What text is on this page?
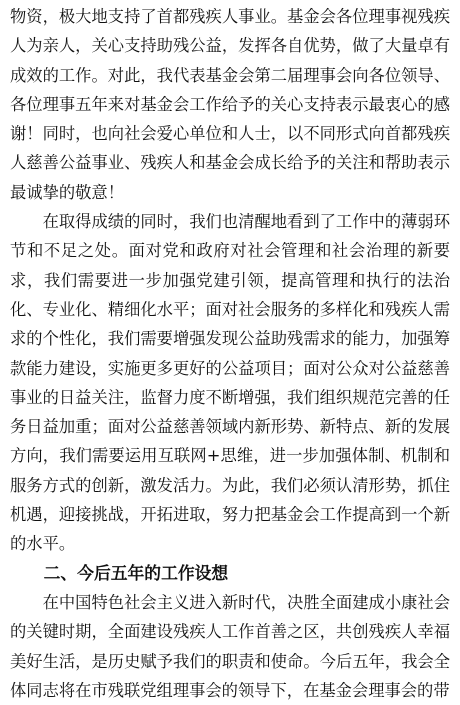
物资，极大地支持了首都残疾人事业。基金会各位理事视残疾人为亲人，关心支持助残公益，发挥各自优势，做了大量卓有成效的工作。对此，我代表基金会第二届理事会向各位领导、各位理事五年来对基金会工作给予的关心支持表示最衷心的感谢！同时，也向社会爱心单位和人士，以不同形式向首都残疾人慈善公益事业、残疾人和基金会成长给予的关注和帮助表示最诚挚的敬意！

在取得成绩的同时，我们也清醒地看到了工作中的薄弱环节和不足之处。面对党和政府对社会管理和社会治理的新要求，我们需要进一步加强党建引领，提高管理和执行的法治化、专业化、精细化水平；面对社会服务的多样化和残疾人需求的个性化，我们需要增强发现公益助残需求的能力，加强筹款能力建设，实施更多更好的公益项目；面对公众对公益慈善事业的日益关注，监督力度不断增强，我们组织规范完善的任务日益加重；面对公益慈善领域内新形势、新特点、新的发展方向，我们需要运用互联网+思维，进一步加强体制、机制和服务方式的创新，激发活力。为此，我们必须认清形势，抓住机遇，迎接挑战，开拓进取，努力把基金会工作提高到一个新的水平。

二、今后五年的工作设想

在中国特色社会主义进入新时代，决胜全面建成小康社会的关键时期，全面建设残疾人工作首善之区，共创残疾人幸福美好生活，是历史赋予我们的职责和使命。今后五年，我会全体同志将在市残联党组理事会的领导下，在基金会理事会的带
